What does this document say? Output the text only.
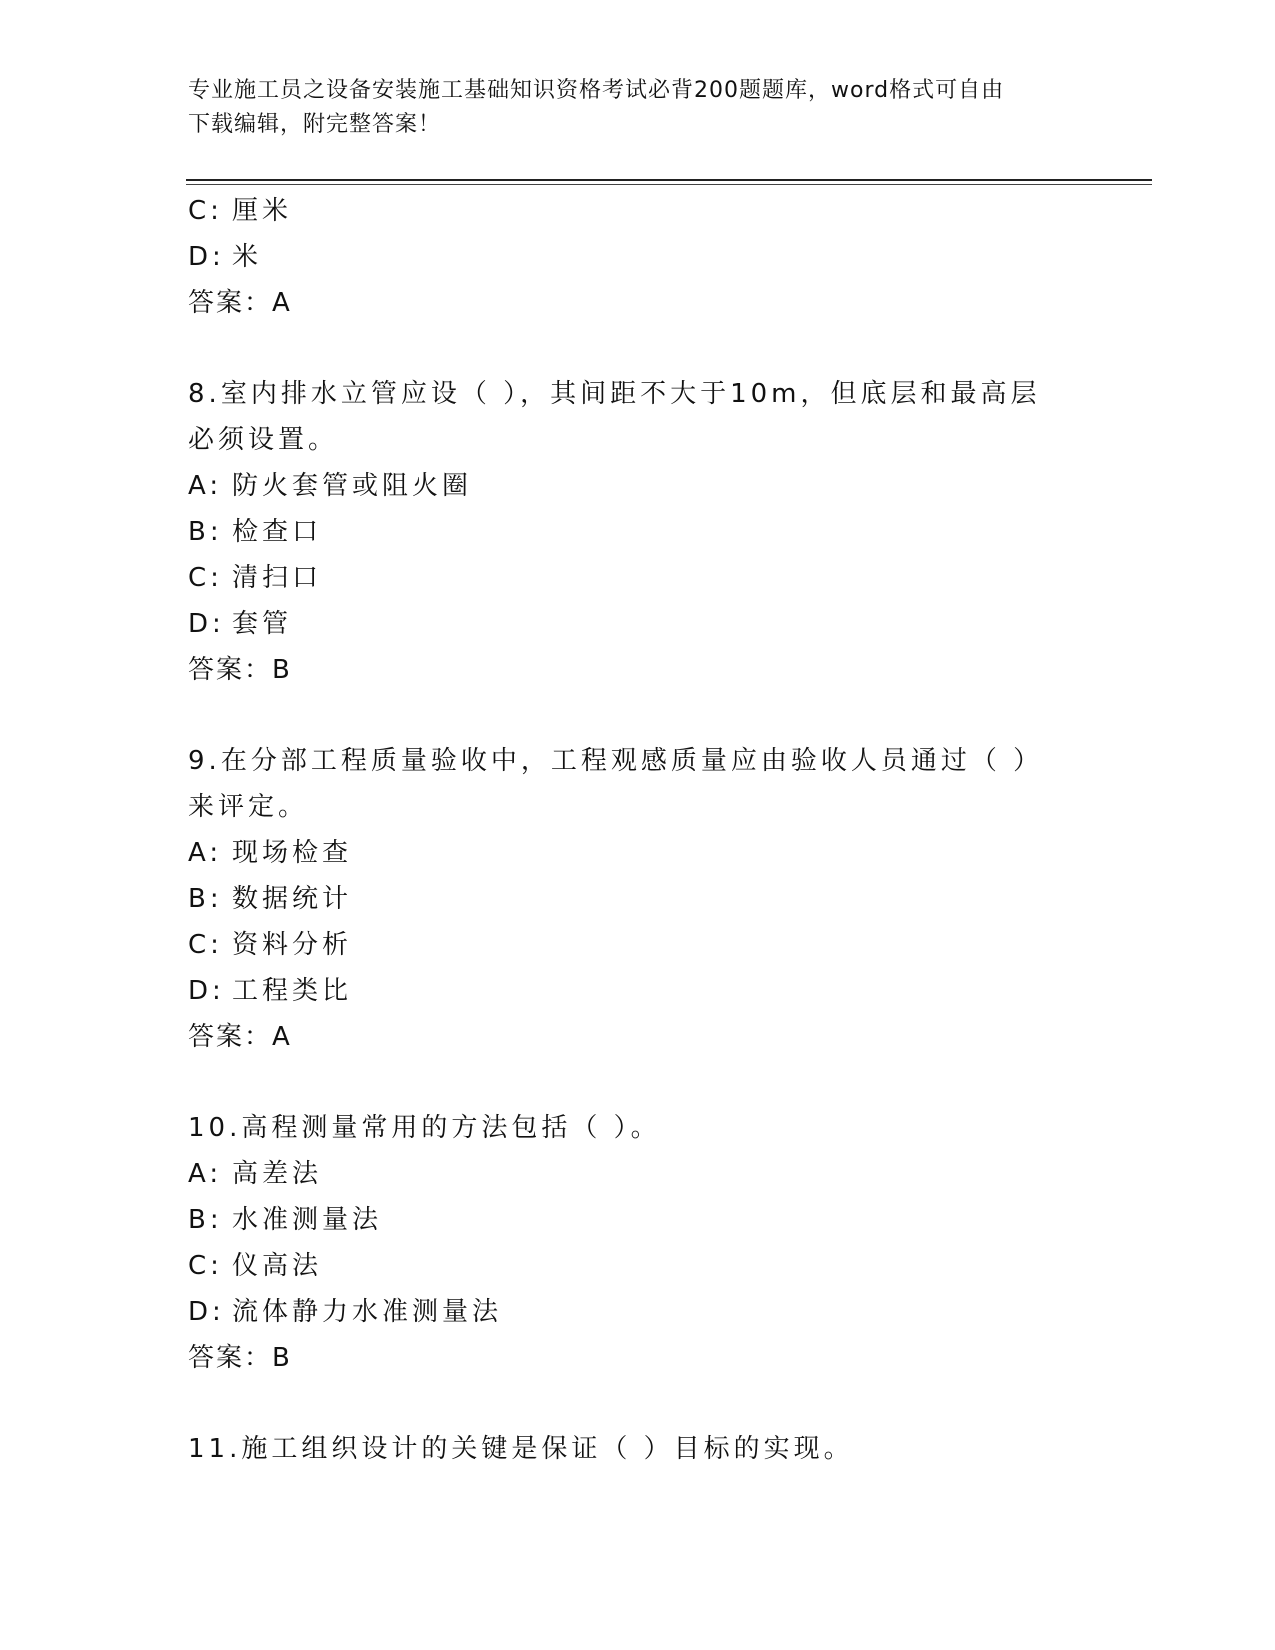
专业施工员之设备安装施工基础知识资格考试必背200题题库，word格式可自由
下载编辑，附完整答案！
C: 厘米
D: 米
答案：A
8.室内排水立管应设（ ），其间距不大于10m，但底层和最高层必须设置。
A: 防火套管或阻火圈
B: 检查口
C: 清扫口
D: 套管
答案：B
9.在分部工程质量验收中，工程观感质量应由验收人员通过（ ）来评定。
A: 现场检查
B: 数据统计
C: 资料分析
D: 工程类比
答案：A
10.高程测量常用的方法包括（ ）。
A: 高差法
B: 水准测量法
C: 仪高法
D: 流体静力水准测量法
答案：B
11.施工组织设计的关键是保证（ ）目标的实现。
